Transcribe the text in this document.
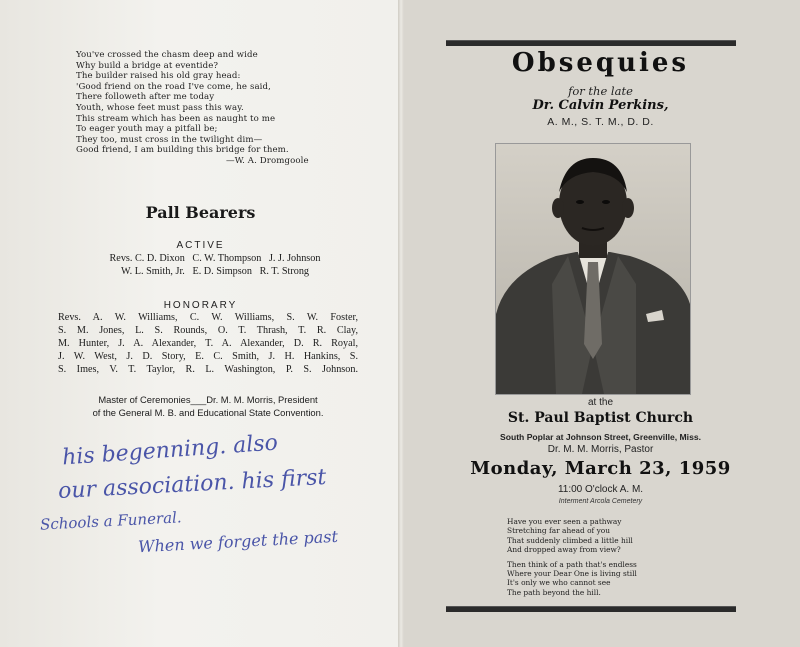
You've crossed the chasm deep and wide
Why build a bridge at eventide?
The builder raised his old gray head:
'Good friend on the road I've come, he said,
There followeth after me today
Youth, whose feet must pass this way.
This stream which has been as naught to me
To eager youth may a pitfall be;
They too, must cross in the twilight dim—
Good friend, I am building this bridge for them.
—W. A. Dromgoole
Pall Bearers
ACTIVE
Revs. C. D. Dixon   C. W. Thompson   J. J. Johnson
W. L. Smith, Jr.   E. D. Simpson   R. T. Strong
HONORARY
Revs. A. W. Williams, C. W. Williams, S. W. Foster,
S. M. Jones, L. S. Rounds, O. T. Thrash, T. R. Clay,
M. Hunter, J. A. Alexander, T. A. Alexander, D. R. Royal,
J. W. West, J. D. Story, E. C. Smith, J. H. Hankins, S.
S. Imes, V. T. Taylor, R. L. Washington, P. S. Johnson.
Master of Ceremonies___Dr. M. M. Morris, President
of the General M. B. and Educational State Convention.
his begenning. also
our association. his first
Schools a Funeral.
When we forget the past
Obsequies
for the late
Dr. Calvin Perkins,
A. M., S. T. M., D. D.
at the
St. Paul Baptist Church
South Poplar at Johnson Street, Greenville, Miss.
Dr. M. M. Morris, Pastor
Monday, March 23, 1959
11:00 O'clock A. M.
Interment Arcola Cemetery
Have you ever seen a pathway
Stretching far ahead of you
That suddenly climbed a little hill
And dropped away from view?
Then think of a path that's endless
Where your Dear One is living still
It's only we who cannot see
The path beyond the hill.
